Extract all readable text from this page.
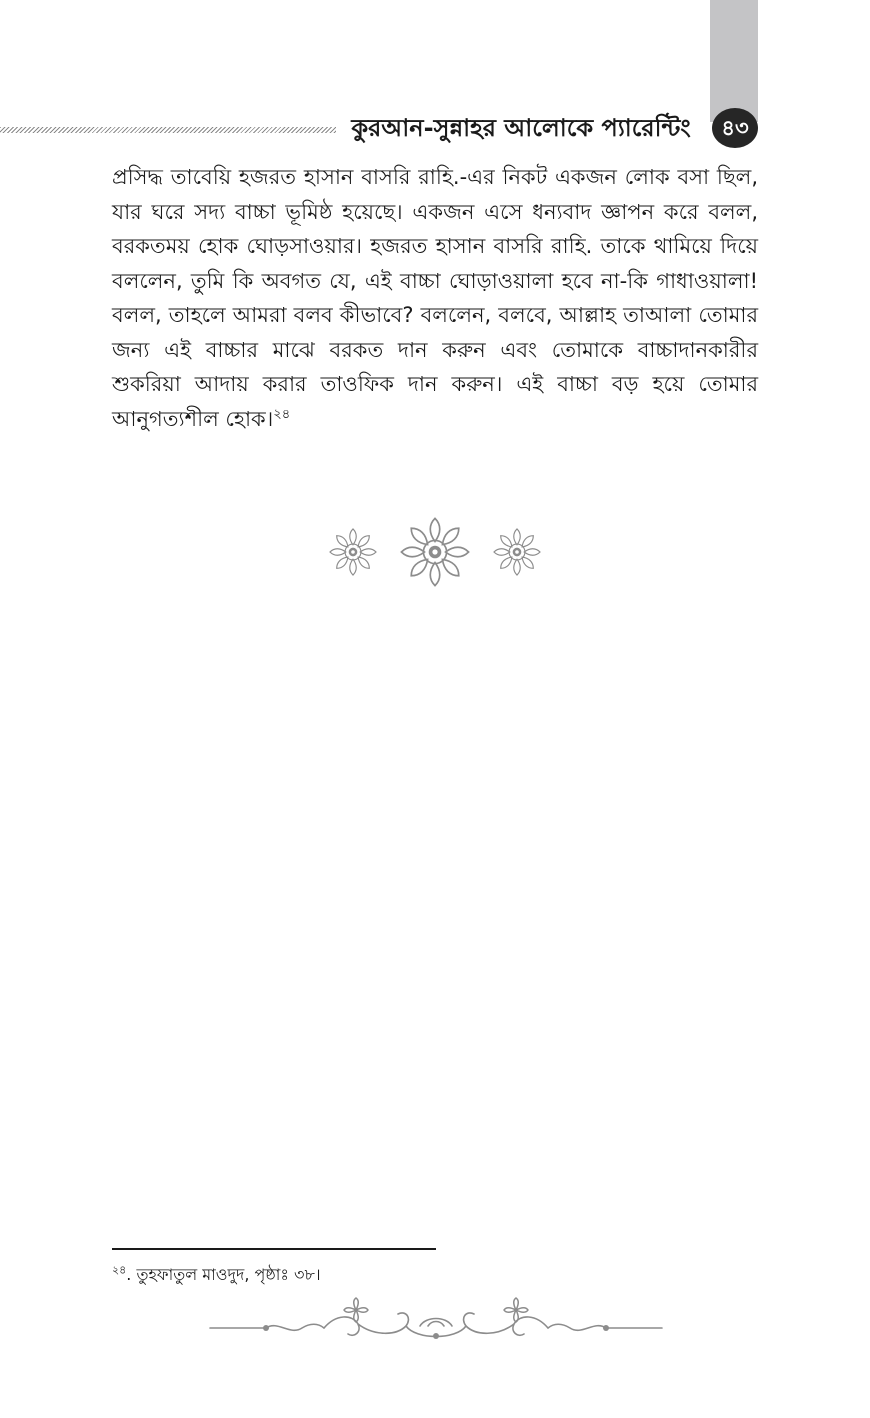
কুরআন-সুন্নাহর আলোকে প্যারেন্টিং	৪৩
প্রসিদ্ধ তাবেয়ি হজরত হাসান বাসরি রাহি.-এর নিকট একজন লোক বসা ছিল, যার ঘরে সদ্য বাচ্চা ভূমিষ্ঠ হয়েছে। একজন এসে ধন্যবাদ জ্ঞাপন করে বলল, বরকতময় হোক ঘোড়সাওয়ার। হজরত হাসান বাসরি রাহি. তাকে থামিয়ে দিয়ে বললেন, তুমি কি অবগত যে, এই বাচ্চা ঘোড়াওয়ালা হবে না-কি গাধাওয়ালা! বলল, তাহলে আমরা বলব কীভাবে? বললেন, বলবে, আল্লাহ তাআলা তোমার জন্য এই বাচ্চার মাঝে বরকত দান করুন এবং তোমাকে বাচ্চাদানকারীর শুকরিয়া আদায় করার তাওফিক দান করুন। এই বাচ্চা বড় হয়ে তোমার আনুগত্যশীল হোক।$^{২৪}$
$^{২৪}$. তুহফাতুল মাওদুদ, পৃষ্ঠাঃ ৩৮।
